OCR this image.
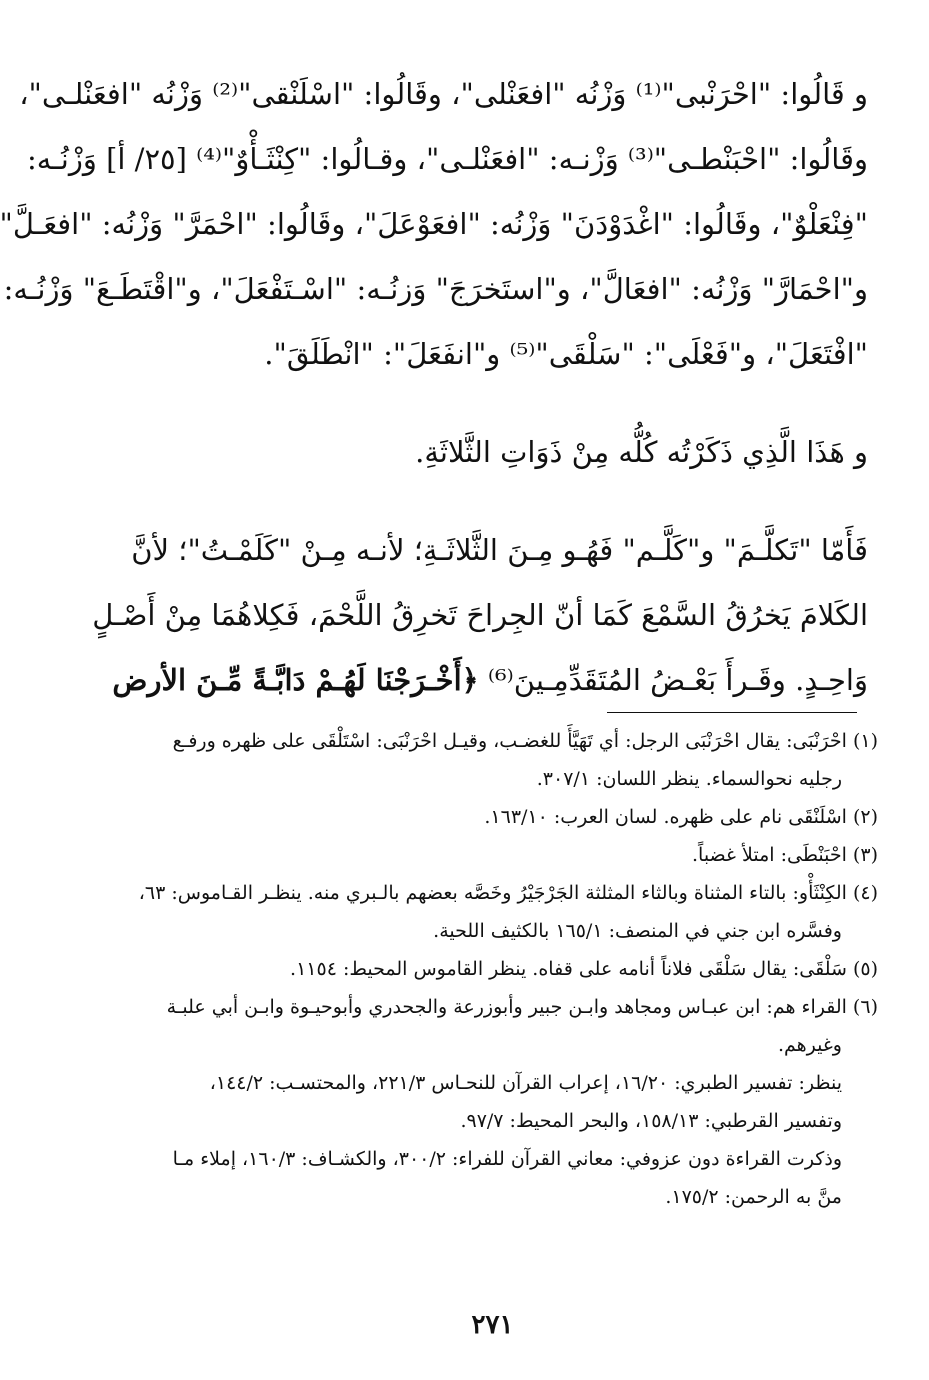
و قَالُوا: "احْرَنْبى"⁽¹⁾ وَزْنُه "افعَنْلى"، وقَالُوا: "اسْلَنْقى"⁽²⁾ وَزْنُه "افعَنْلـى"،
وقَالُوا: "احْبَنْطـى"⁽³⁾ وَزْنـه: "افعَنْلـى"، وقـالُوا: "كِنْثَـأْوٌ"⁽⁴⁾ [٢٥/ أ] وَزْنُـه:
"فِنْعَلْوٌ"، وقَالُوا: "اغْدَوْدَنَ" وَزْنُه: "افعَوْعَلَ"، وقَالُوا: "احْمَرَّ" وَزْنُه: "افعَـلَّ"
و"احْمَارَّ" وَزْنُه: "افعَالَّ"، و"استَخرَجَ" وَزنُـه: "اسْـتَفْعَلَ"، و"اقْتَطَـعَ" وَزْنُـه:
"افْتَعَلَ"، و"فَعْلَى": "سَلْقَى"⁽⁵⁾ و"انفَعَلَ": "انْطَلَقَ".
و هَذَا الَّذِي ذَكَرْتُه كُلُّه مِنْ ذَوَاتِ الثَّلاثَةِ.
فَأَمّا "تَكلَّـمَ" و"كَلَّـم" فَهُـو مِـنَ الثَّلاثَـةِ؛ لأنـه مِـنْ "كَلَمْـتُ"؛ لأنَّ
الكَلامَ يَخرُقُ السَّمْعَ كَمَا أنّ الجِراحَ تَخرِقُ اللَّحْمَ، فَكِلاهُمَا مِنْ أَصْـلٍ
وَاحِـدٍ. وقَـرأَ بَعْـضُ المُتَقَدِّمِـينَ⁽⁶⁾ ﴿أَخْـرَجْنَا لَهُـمْ دَابَّـةً مِّـنَ الأرض
(١) احْرَنْبَى: يقال احْرَنْبَى الرجل: أي تَهَيَّأَ للغضـب، وقيـل احْرَنْبَى: اسْتَلْقَى على ظهره ورفـع
رجليه نحوالسماء. ينظر اللسان: ٣٠٧/١.
(٢) اسْلَنْقَى نام على ظهره. لسان العرب: ١٦٣/١٠.
(٣) احْبَنْطَى: امتلأ غضباً.
(٤) الكِنْثَأْو: بالتاء المثناة وبالثاء المثلثة الجَرْجَيْرُ وخَصَّه بعضهم بالـبري منه. ينظـر القـاموس: ٦٣،
وفسَّره ابن جني في المنصف: ١٦٥/١ بالكثيف اللحية.
(٥) سَلْقَى: يقال سَلْقَى فلاناً أنامه على قفاه. ينظر القاموس المحيط: ١١٥٤.
(٦) القراء هم: ابن عبـاس ومجاهد وابـن جبير وأبوزرعة والجحدري وأبوحيـوة وابـن أبي علبـة
وغيرهم.
ينظر: تفسير الطبري: ١٦/٢٠، إعراب القرآن للنحـاس ٢٢١/٣، والمحتسـب: ١٤٤/٢،
وتفسير القرطبي: ١٥٨/١٣، والبحر المحيط: ٩٧/٧.
وذكرت القراءة دون عزوفي: معاني القرآن للفراء: ٣٠٠/٢، والكشـاف: ١٦٠/٣، إملاء مـا
منَّ به الرحمن: ١٧٥/٢.
٢٧١
